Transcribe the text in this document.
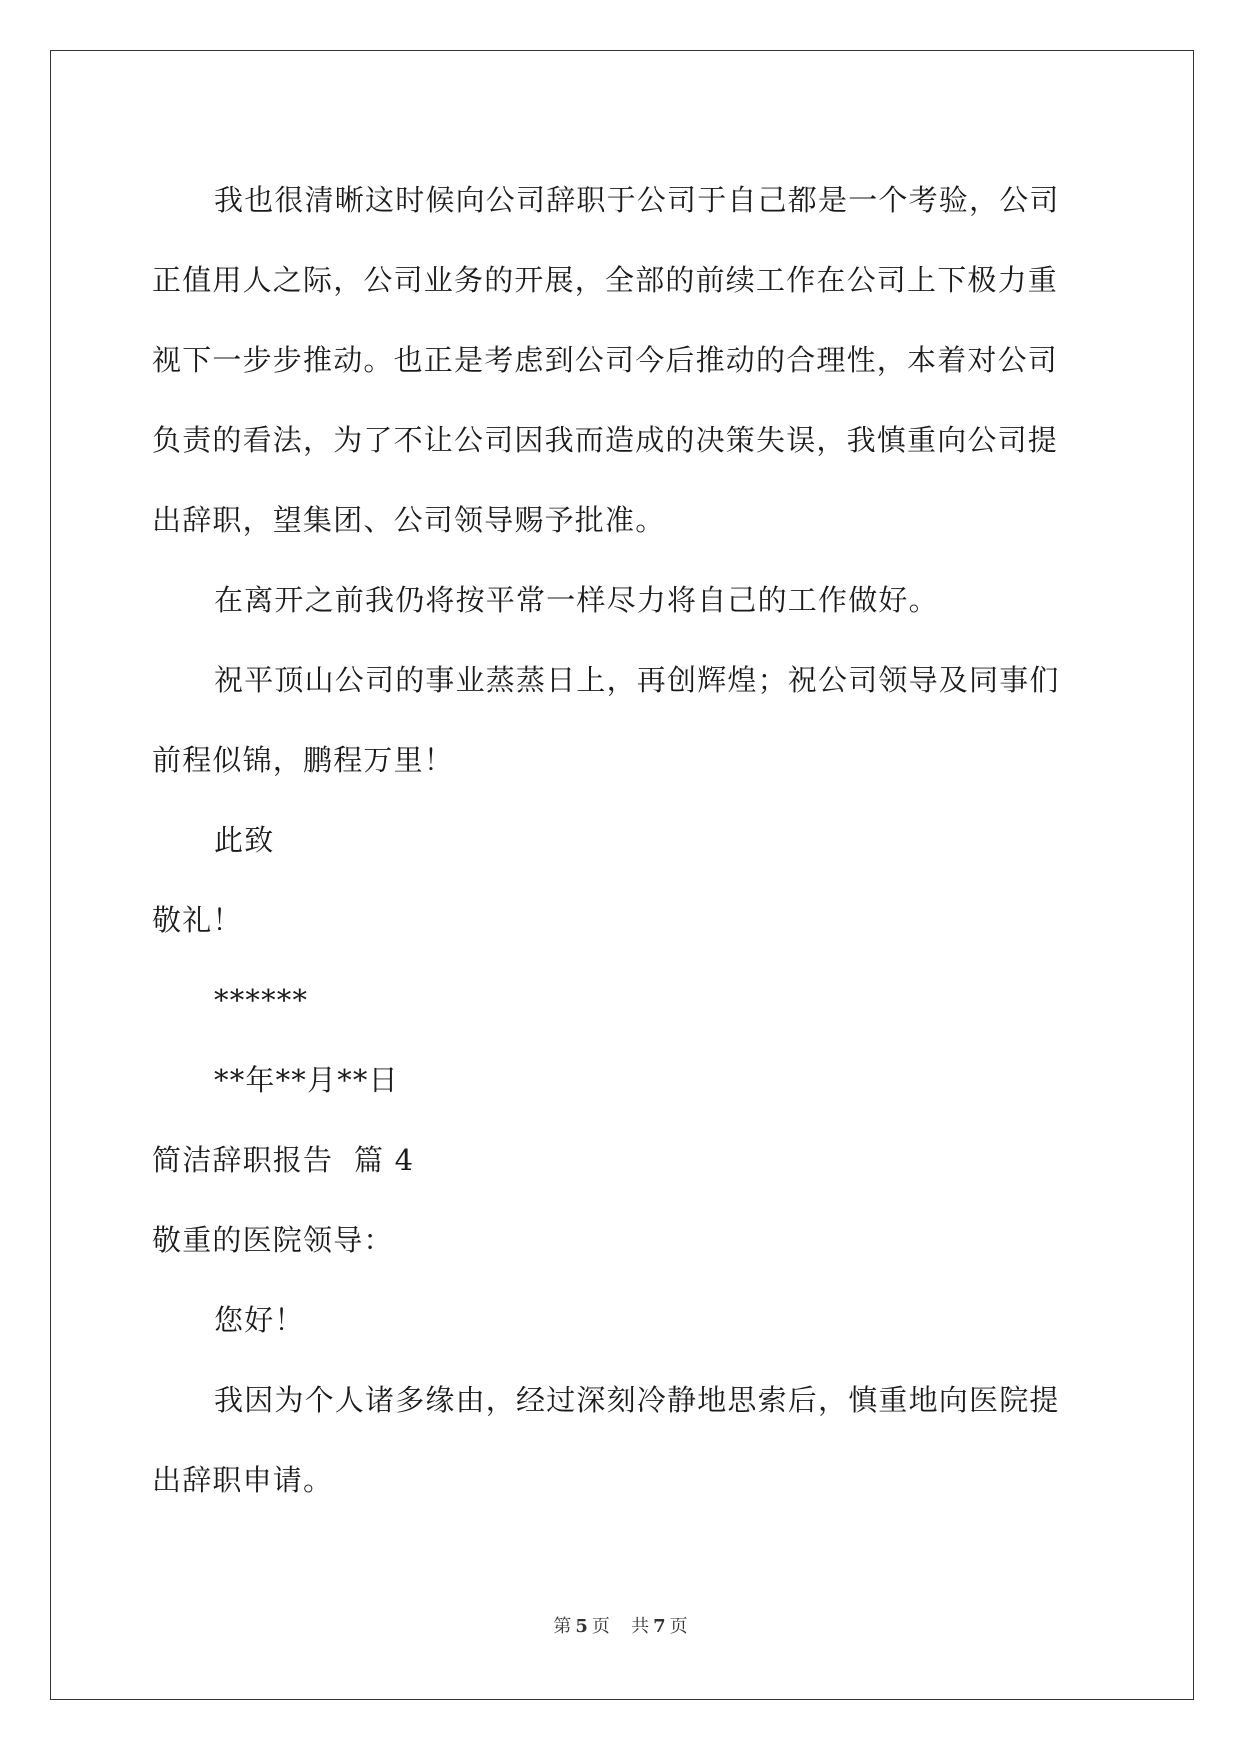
我也很清晰这时候向公司辞职于公司于自己都是一个考验，公司

正值用人之际，公司业务的开展，全部的前续工作在公司上下极力重

视下一步步推动。也正是考虑到公司今后推动的合理性，本着对公司

负责的看法，为了不让公司因我而造成的决策失误，我慎重向公司提

出辞职，望集团、公司领导赐予批准。

在离开之前我仍将按平常一样尽力将自己的工作做好。

祝平顶山公司的事业蒸蒸日上，再创辉煌；祝公司领导及同事们

前程似锦，鹏程万里！

此致

敬礼！

******

**年**月**日

简洁辞职报告  篇 4

敬重的医院领导：

您好！

我因为个人诸多缘由，经过深刻冷静地思索后，慎重地向医院提

出辞职申请。

第 5 页 共 7 页
